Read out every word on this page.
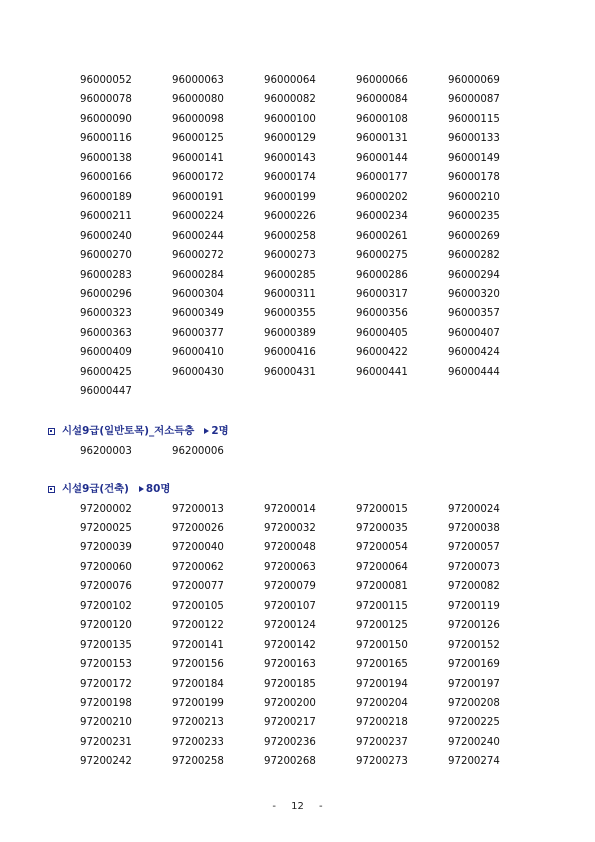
96000052	96000063	96000064	96000066	96000069
96000078	96000080	96000082	96000084	96000087
96000090	96000098	96000100	96000108	96000115
96000116	96000125	96000129	96000131	96000133
96000138	96000141	96000143	96000144	96000149
96000166	96000172	96000174	96000177	96000178
96000189	96000191	96000199	96000202	96000210
96000211	96000224	96000226	96000234	96000235
96000240	96000244	96000258	96000261	96000269
96000270	96000272	96000273	96000275	96000282
96000283	96000284	96000285	96000286	96000294
96000296	96000304	96000311	96000317	96000320
96000323	96000349	96000355	96000356	96000357
96000363	96000377	96000389	96000405	96000407
96000409	96000410	96000416	96000422	96000424
96000425	96000430	96000431	96000441	96000444
96000447
시설9급(일반토목)_저소득층 2명
96200003	96200006
시설9급(건축) 80명
97200002	97200013	97200014	97200015	97200024
97200025	97200026	97200032	97200035	97200038
97200039	97200040	97200048	97200054	97200057
97200060	97200062	97200063	97200064	97200073
97200076	97200077	97200079	97200081	97200082
97200102	97200105	97200107	97200115	97200119
97200120	97200122	97200124	97200125	97200126
97200135	97200141	97200142	97200150	97200152
97200153	97200156	97200163	97200165	97200169
97200172	97200184	97200185	97200194	97200197
97200198	97200199	97200200	97200204	97200208
97200210	97200213	97200217	97200218	97200225
97200231	97200233	97200236	97200237	97200240
97200242	97200258	97200268	97200273	97200274
- 12 -
